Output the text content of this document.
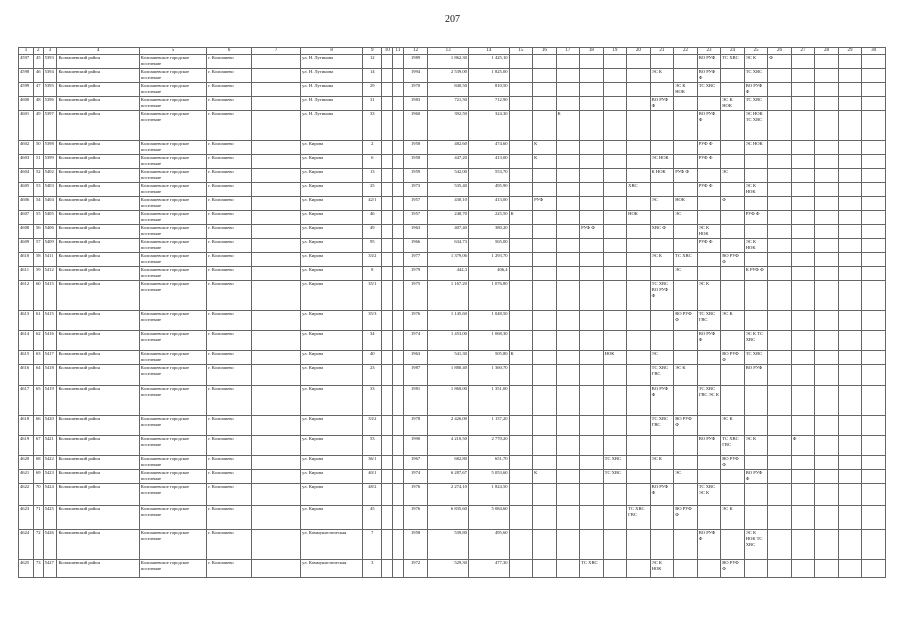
207
1	2	3	4	5	6	7	8	9	10	11	12	13	14	15	16	17	18	19	20	21	22	23	24	25	26	27	28	29	30
4597	45	5393	Колпашевский район	Колпашевское городское поселение	г. Колпашево		ул. Н. Лугинова	12			1989	1 862,30	1 425,10									ВО РУФ	ТС ХВС	ЭС К	Ф				
4598	46	5394	Колпашевский район	Колпашевское городское поселение	г. Колпашево		ул. Н. Лугинова	14			1994	2 539,00	1 825,00							ЭС К		ВО РУФ Ф		ТС ХВС					
4599	47	5395	Колпашевский район	Колпашевское городское поселение	г. Колпашево		ул. Н. Лугинова	29			1970	840,50	810,50								ЭС К НОК	ТС ХВС		ВО РУФ Ф					
4600	48	5396	Колпашевский район	Колпашевское городское поселение	г. Колпашево		ул. Н. Лугинова	31			1983	721,50	712,90							ВО РУФ Ф			ЭС К НОК	ТС ХВС					
4601	49	5397	Колпашевский район	Колпашевское городское поселение	г. Колпашево		ул. Н. Лугинова	33			1960	392,50	324,30			К						ВО РУФ Ф		ЭС НОК ТС ХВС					
4602	50	5398	Колпашевский район	Колпашевское городское поселение	г. Колпашево		ул. Кирова	2			1958	482,60	474,60		К							РУФ Ф		ЭС НОК					
4603	51	5399	Колпашевский район	Колпашевское городское поселение	г. Колпашево		ул. Кирова	6			1958	447,20	413,00		К					ЭС НОК		РУФ Ф							
4604	52	5402	Колпашевский район	Колпашевское городское поселение	г. Колпашево		ул. Кирова	13			1959	542,00	553,70							К НОК	РУФ Ф		ЭС						
4605	53	5403	Колпашевский район	Колпашевское городское поселение	г. Колпашево		ул. Кирова	25			1973	535,40	495,90						ХВС			РУФ Ф		ЭС К НОК					
4606	54	5404	Колпашевский район	Колпашевское городское поселение	г. Колпашево		ул. Кирова	42/1			1957	430,10	413,00		РУФ					ЭС	НОК		Ф						
4607	55	5405	Колпашевский район	Колпашевское городское поселение	г. Колпашево		ул. Кирова	46			1957	248,70	225,50	К					НОК		ЭС			РУФ Ф					
4608	56	5406	Колпашевский район	Колпашевское городское поселение	г. Колпашево		ул. Кирова	49			1963	407,40	380,20				РУФ Ф			ХВС Ф		ЭС К НОК							
4609	57	5409	Колпашевский район	Колпашевское городское поселение	г. Колпашево		ул. Кирова	95			1966	634,73	565,00									РУФ Ф		ЭС К НОК					
4610	58	5411	Колпашевский район	Колпашевское городское поселение	г. Колпашево		ул. Кирова	33/2			1977	1 379,06	1 293,70							ЭС К	ТС ХВС		ВО РУФ Ф						
4611	59	5412	Колпашевский район	Колпашевское городское поселение	г. Колпашево		ул. Кирова	8			1979	442,3	406,4								ЭС			К РУФ Ф					
4612	60	5415	Колпашевский район	Колпашевское городское поселение	г. Колпашево		ул. Кирова	35/1			1975	1 167,20	1 076,80							ТС ХВС ВО РУФ Ф		ЭС К							
4613	61	5415	Колпашевский район	Колпашевское городское поселение	г. Колпашево		ул. Кирова	35/3			1976	1 145,60	1 048,50								ВО РУФ Ф	ТС ХВС ГВС	ЭС К						
4614	62	5416	Колпашевский район	Колпашевское городское поселение	г. Колпашево		ул. Кирова	34			1974	1 453,00	1 068,30									ВО РУФ Ф		ЭС К ТС ХВС					
4615	63	5417	Колпашевский район	Колпашевское городское поселение	г. Колпашево		ул. Кирова	40			1963	541,30	505,80	К				НОК		ЭС			ВО РУФ Ф	ТС ХВС					
4616	64	5418	Колпашевский район	Колпашевское городское поселение	г. Колпашево		ул. Кирова	23			1987	1 880,40	1 360,70							ТС ХВС ГВС	ЭС К			ВО РУФ					
4617	65	5419	Колпашевский район	Колпашевское городское поселение	г. Колпашево		ул. Кирова	33			1981	1 860,00	1 351,00							ВО РУФ Ф		ТС ХВС ГВС ЭС К							
4618	66	5420	Колпашевский район	Колпашевское городское поселение	г. Колпашево		ул. Кирова	33/2			1978	2 426,00	1 157,20							ТС ХВС ГВС	ВО РУФ Ф		ЭС К						
4619	67	5421	Колпашевский район	Колпашевское городское поселение	г. Колпашево		ул. Кирова	53			1990	4 210,50	2 770,20									ВО РУФ	ТС ХВС ГВС	ЭС К		Ф			
4620	68	5422	Колпашевский район	Колпашевское городское поселение	г. Колпашево		ул. Кирова	36/1			1967	682,80	651,70					ТС ХВС		ЭС К			ВО РУФ Ф						
4621	69	5423	Колпашевский район	Колпашевское городское поселение	г. Колпашево		ул. Кирова	40/1			1974	6 287,67	5 053,60		К			ТС ХВС			ЭС			ВО РУФ Ф					
4622	70	5424	Колпашевский район	Колпашевское городское поселение	г. Колпашево		ул. Кирова	48/2			1976	2 274,10	1 824,50							ВО РУФ Ф		ТС ХВС ЭС К							
4623	71	5425	Колпашевский район	Колпашевское городское поселение	г. Колпашево		ул. Кирова	45			1976	6 835,60	5 084,60						ТС ХВС ГВС		ВО РУФ Ф		ЭС К						
4624	72	5426	Колпашевский район	Колпашевское городское поселение	г. Колпашево		ул. Коммунистическая	7			1958	539,80	495,60									ВО РУФ Ф		ЭС К НОК ТС ХВС					
4625	73	5427	Колпашевский район	Колпашевское городское поселение	г. Колпашево		ул. Коммунистическая	3			1972	529,30	477,30				ТС ХВС			ЭС К НОК			ВО РУФ Ф						
